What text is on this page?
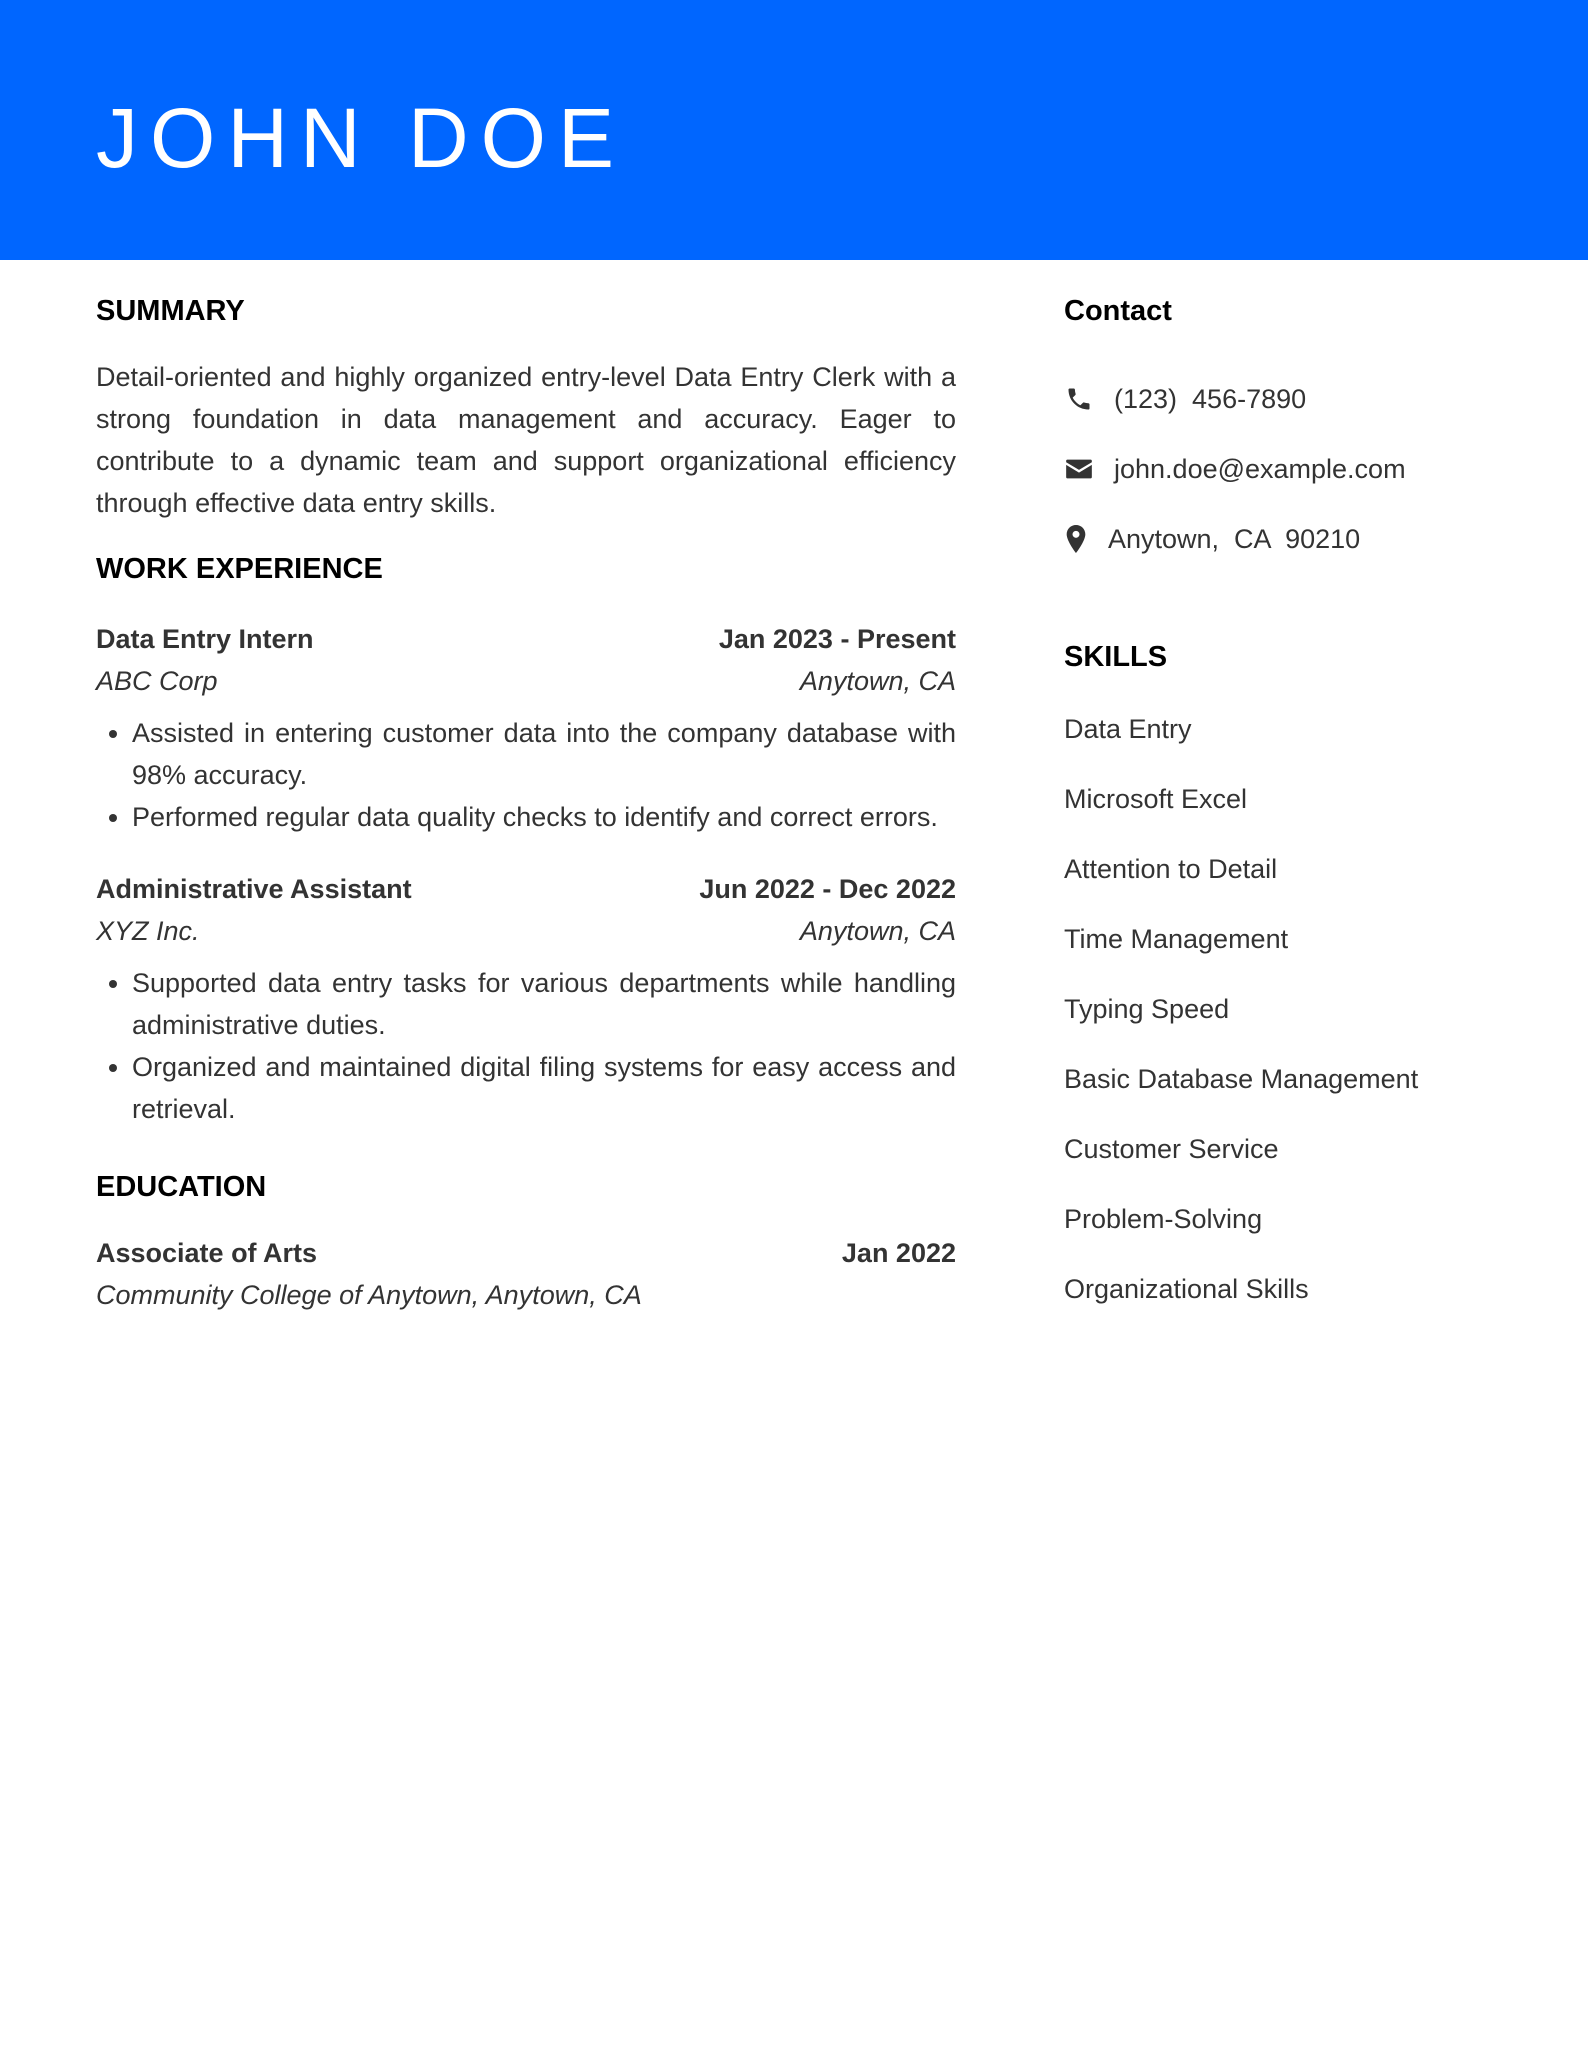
JOHN DOE
SUMMARY

Detail-oriented and highly organized entry-level Data Entry Clerk with a strong foundation in data management and accuracy. Eager to contribute to a dynamic team and support organizational efficiency through effective data entry skills.

WORK EXPERIENCE
Data Entry Intern	Jan 2023 - Present
ABC Corp	Anytown, CA
• Assisted in entering customer data into the company database with 98% accuracy.
• Performed regular data quality checks to identify and correct errors.
Administrative Assistant	Jun 2022 - Dec 2022
XYZ Inc.	Anytown, CA
• Supported data entry tasks for various departments while handling administrative duties.
• Organized and maintained digital filing systems for easy access and retrieval.
EDUCATION
Associate of Arts	Jan 2022
Community College of Anytown, Anytown, CA
Contact
(123)  456-7890
john.doe@example.com
Anytown,  CA  90210
SKILLS
Data Entry
Microsoft Excel
Attention to Detail
Time Management
Typing Speed
Basic Database Management
Customer Service
Problem-Solving
Organizational Skills
